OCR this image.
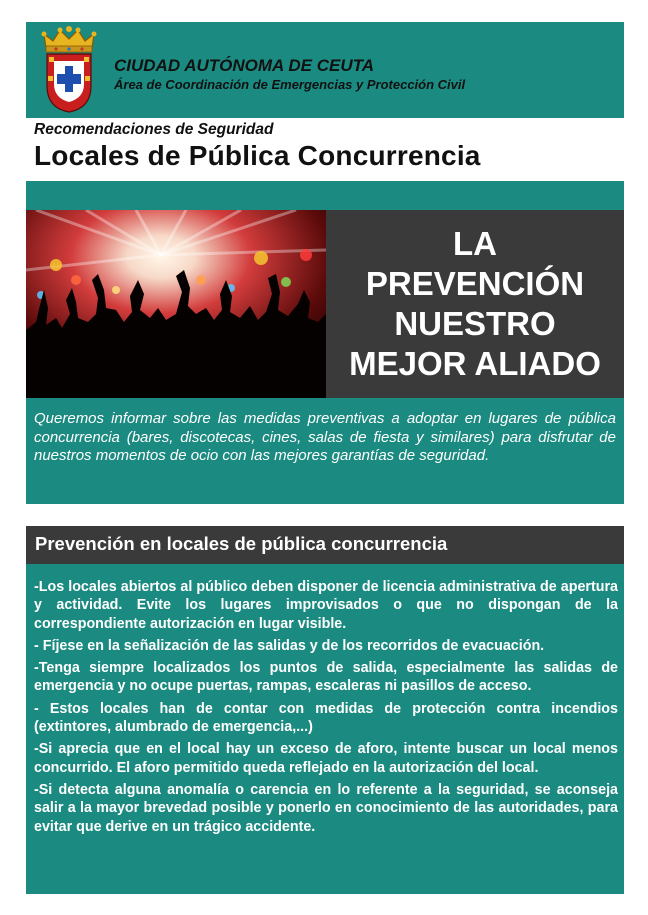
CIUDAD AUTÓNOMA DE CEUTA
Área de Coordinación de Emergencias y Protección Civil
Recomendaciones de Seguridad
Locales de Pública Concurrencia
LA
PREVENCIÓN
NUESTRO
MEJOR ALIADO
Queremos informar sobre las medidas preventivas a adoptar en lugares de pública concurrencia (bares, discotecas, cines, salas de fiesta y similares) para disfrutar de nuestros momentos de ocio con las mejores garantías de seguridad.
Prevención en locales de pública concurrencia
-Los locales abiertos al público deben disponer de licencia administrativa de apertura y actividad. Evite los lugares improvisados o que no dispongan de la correspondiente autorización en lugar visible.
- Fíjese en la señalización de las salidas y de los recorridos de evacuación.
-Tenga siempre localizados los puntos de salida, especialmente las salidas de emergencia y no ocupe puertas, rampas, escaleras ni pasillos de acceso.
- Estos locales han de contar con medidas de protección contra incendios (extintores, alumbrado de emergencia,...)
-Si aprecia que en el local hay un exceso de aforo, intente buscar un local menos concurrido. El aforo permitido queda reflejado en la autorización del local.
-Si detecta alguna anomalía o carencia en lo referente a la seguridad, se aconseja salir a la mayor brevedad posible y ponerlo en conocimiento de las autoridades, para evitar que derive en un trágico accidente.
